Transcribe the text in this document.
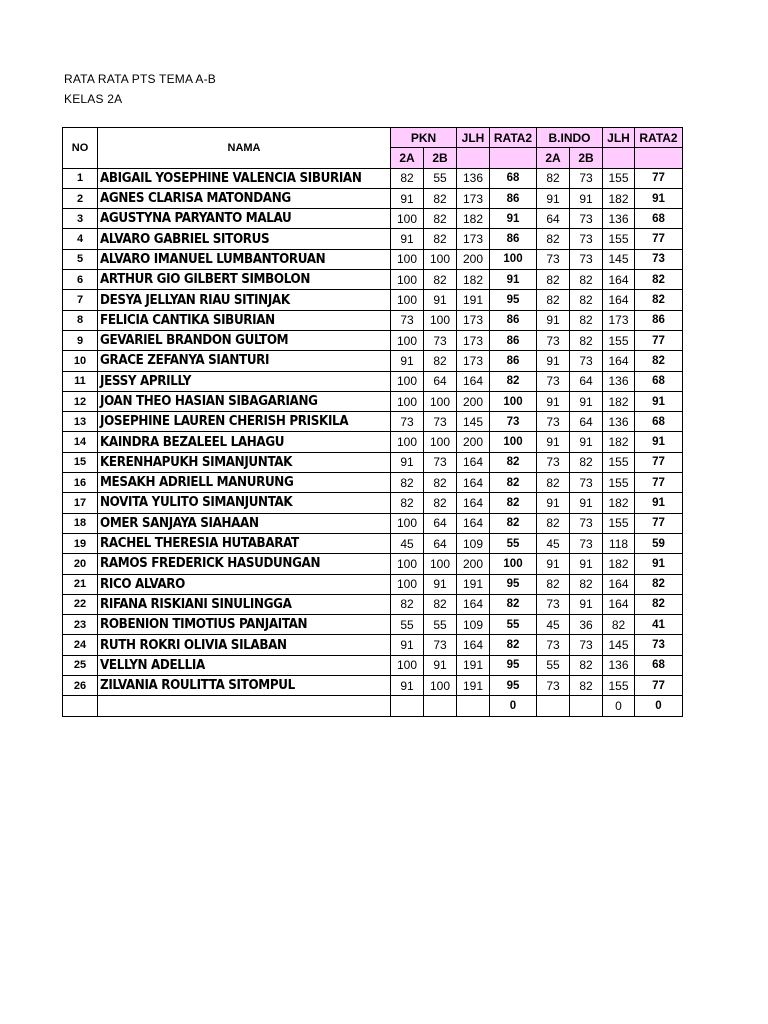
RATA RATA PTS TEMA A-B
KELAS 2A
NO	NAMA	PKN		JLH	RATA2	B.INDO		JLH	RATA2
		2A	2B			2A	2B		
1	ABIGAIL YOSEPHINE VALENCIA SIBURIAN	82	55	136	68	82	73	155	77
2	AGNES CLARISA MATONDANG	91	82	173	86	91	91	182	91
3	AGUSTYNA PARYANTO MALAU	100	82	182	91	64	73	136	68
4	ALVARO GABRIEL SITORUS	91	82	173	86	82	73	155	77
5	ALVARO IMANUEL LUMBANTORUAN	100	100	200	100	73	73	145	73
6	ARTHUR GIO GILBERT SIMBOLON	100	82	182	91	82	82	164	82
7	DESYA JELLYAN RIAU SITINJAK	100	91	191	95	82	82	164	82
8	FELICIA CANTIKA SIBURIAN	73	100	173	86	91	82	173	86
9	GEVARIEL BRANDON GULTOM	100	73	173	86	73	82	155	77
10	GRACE ZEFANYA SIANTURI	91	82	173	86	91	73	164	82
11	JESSY APRILLY	100	64	164	82	73	64	136	68
12	JOAN THEO HASIAN SIBAGARIANG	100	100	200	100	91	91	182	91
13	JOSEPHINE LAUREN CHERISH PRISKILA	73	73	145	73	73	64	136	68
14	KAINDRA BEZALEEL LAHAGU	100	100	200	100	91	91	182	91
15	KERENHAPUKH SIMANJUNTAK	91	73	164	82	73	82	155	77
16	MESAKH ADRIELL MANURUNG	82	82	164	82	82	73	155	77
17	NOVITA YULITO SIMANJUNTAK	82	82	164	82	91	91	182	91
18	OMER SANJAYA SIAHAAN	100	64	164	82	82	73	155	77
19	RACHEL THERESIA HUTABARAT	45	64	109	55	45	73	118	59
20	RAMOS FREDERICK HASUDUNGAN	100	100	200	100	91	91	182	91
21	RICO ALVARO	100	91	191	95	82	82	164	82
22	RIFANA RISKIANI SINULINGGA	82	82	164	82	73	91	164	82
23	ROBENION TIMOTIUS PANJAITAN	55	55	109	55	45	36	82	41
24	RUTH ROKRI OLIVIA SILABAN	91	73	164	82	73	73	145	73
25	VELLYN ADELLIA	100	91	191	95	55	82	136	68
26	ZILVANIA ROULITTA SITOMPUL	91	100	191	95	73	82	155	77
					0			0	0
